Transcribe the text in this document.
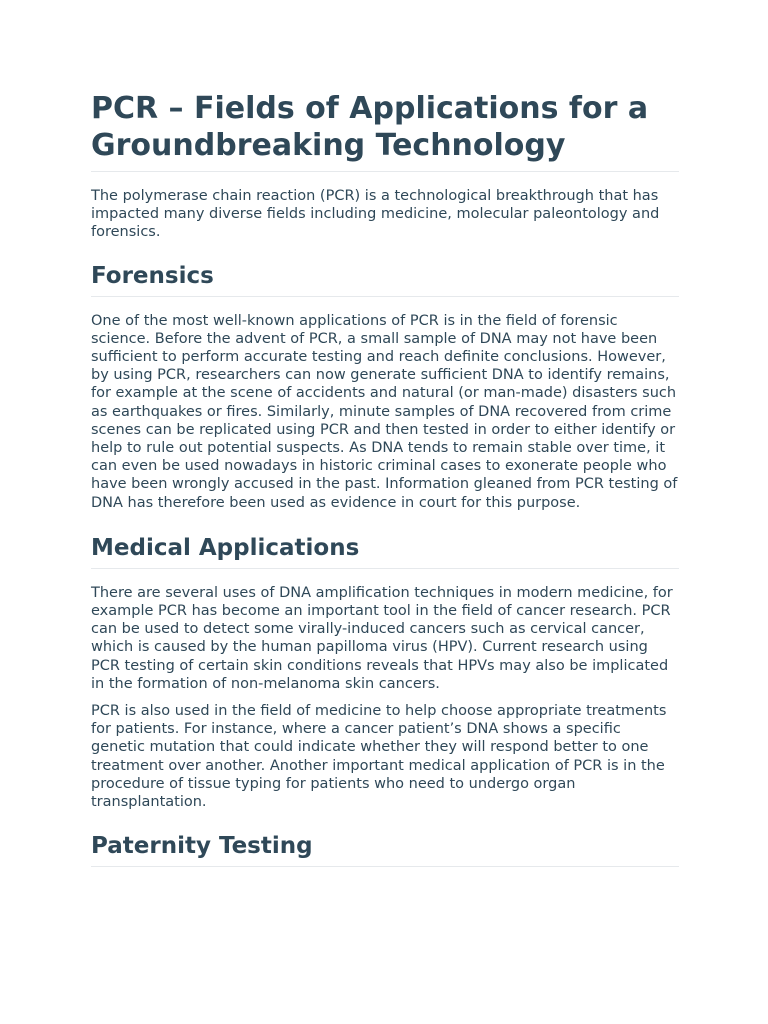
PCR – Fields of Applications for a Groundbreaking Technology

The polymerase chain reaction (PCR) is a technological breakthrough that has impacted many diverse fields including medicine, molecular paleontology and forensics.

Forensics

One of the most well-known applications of PCR is in the field of forensic science. Before the advent of PCR, a small sample of DNA may not have been sufficient to perform accurate testing and reach definite conclusions. However, by using PCR, researchers can now generate sufficient DNA to identify remains, for example at the scene of accidents and natural (or man-made) disasters such as earthquakes or fires. Similarly, minute samples of DNA recovered from crime scenes can be replicated using PCR and then tested in order to either identify or help to rule out potential suspects. As DNA tends to remain stable over time, it can even be used nowadays in historic criminal cases to exonerate people who have been wrongly accused in the past. Information gleaned from PCR testing of DNA has therefore been used as evidence in court for this purpose.

Medical Applications

There are several uses of DNA amplification techniques in modern medicine, for example PCR has become an important tool in the field of cancer research. PCR can be used to detect some virally-induced cancers such as cervical cancer, which is caused by the human papilloma virus (HPV). Current research using PCR testing of certain skin conditions reveals that HPVs may also be implicated in the formation of non-melanoma skin cancers.

PCR is also used in the field of medicine to help choose appropriate treatments for patients. For instance, where a cancer patient’s DNA shows a specific genetic mutation that could indicate whether they will respond better to one treatment over another. Another important medical application of PCR is in the procedure of tissue typing for patients who need to undergo organ transplantation.

Paternity Testing
